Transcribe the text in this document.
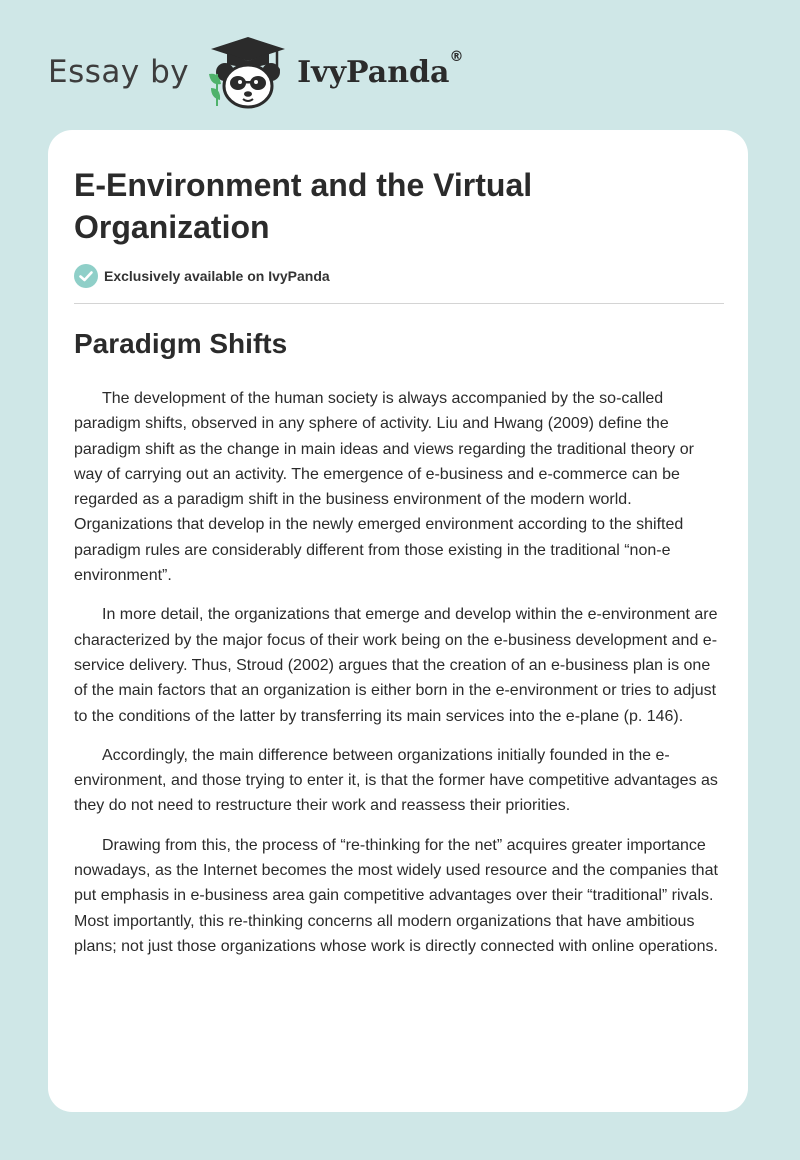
Essay by	IvyPanda®
E-Environment and the Virtual Organization
Exclusively available on IvyPanda
Paradigm Shifts

The development of the human society is always accompanied by the so-called paradigm shifts, observed in any sphere of activity. Liu and Hwang (2009) define the paradigm shift as the change in main ideas and views regarding the traditional theory or way of carrying out an activity. The emergence of e-business and e-commerce can be regarded as a paradigm shift in the business environment of the modern world. Organizations that develop in the newly emerged environment according to the shifted paradigm rules are considerably different from those existing in the traditional “non-e environment”.

In more detail, the organizations that emerge and develop within the e-environment are characterized by the major focus of their work being on the e-business development and e-service delivery. Thus, Stroud (2002) argues that the creation of an e-business plan is one of the main factors that an organization is either born in the e-environment or tries to adjust to the conditions of the latter by transferring its main services into the e-plane (p. 146).

Accordingly, the main difference between organizations initially founded in the e-environment, and those trying to enter it, is that the former have competitive advantages as they do not need to restructure their work and reassess their priorities.

Drawing from this, the process of “re-thinking for the net” acquires greater importance nowadays, as the Internet becomes the most widely used resource and the companies that put emphasis in e-business area gain competitive advantages over their “traditional” rivals. Most importantly, this re-thinking concerns all modern organizations that have ambitious plans; not just those organizations whose work is directly connected with online operations.
